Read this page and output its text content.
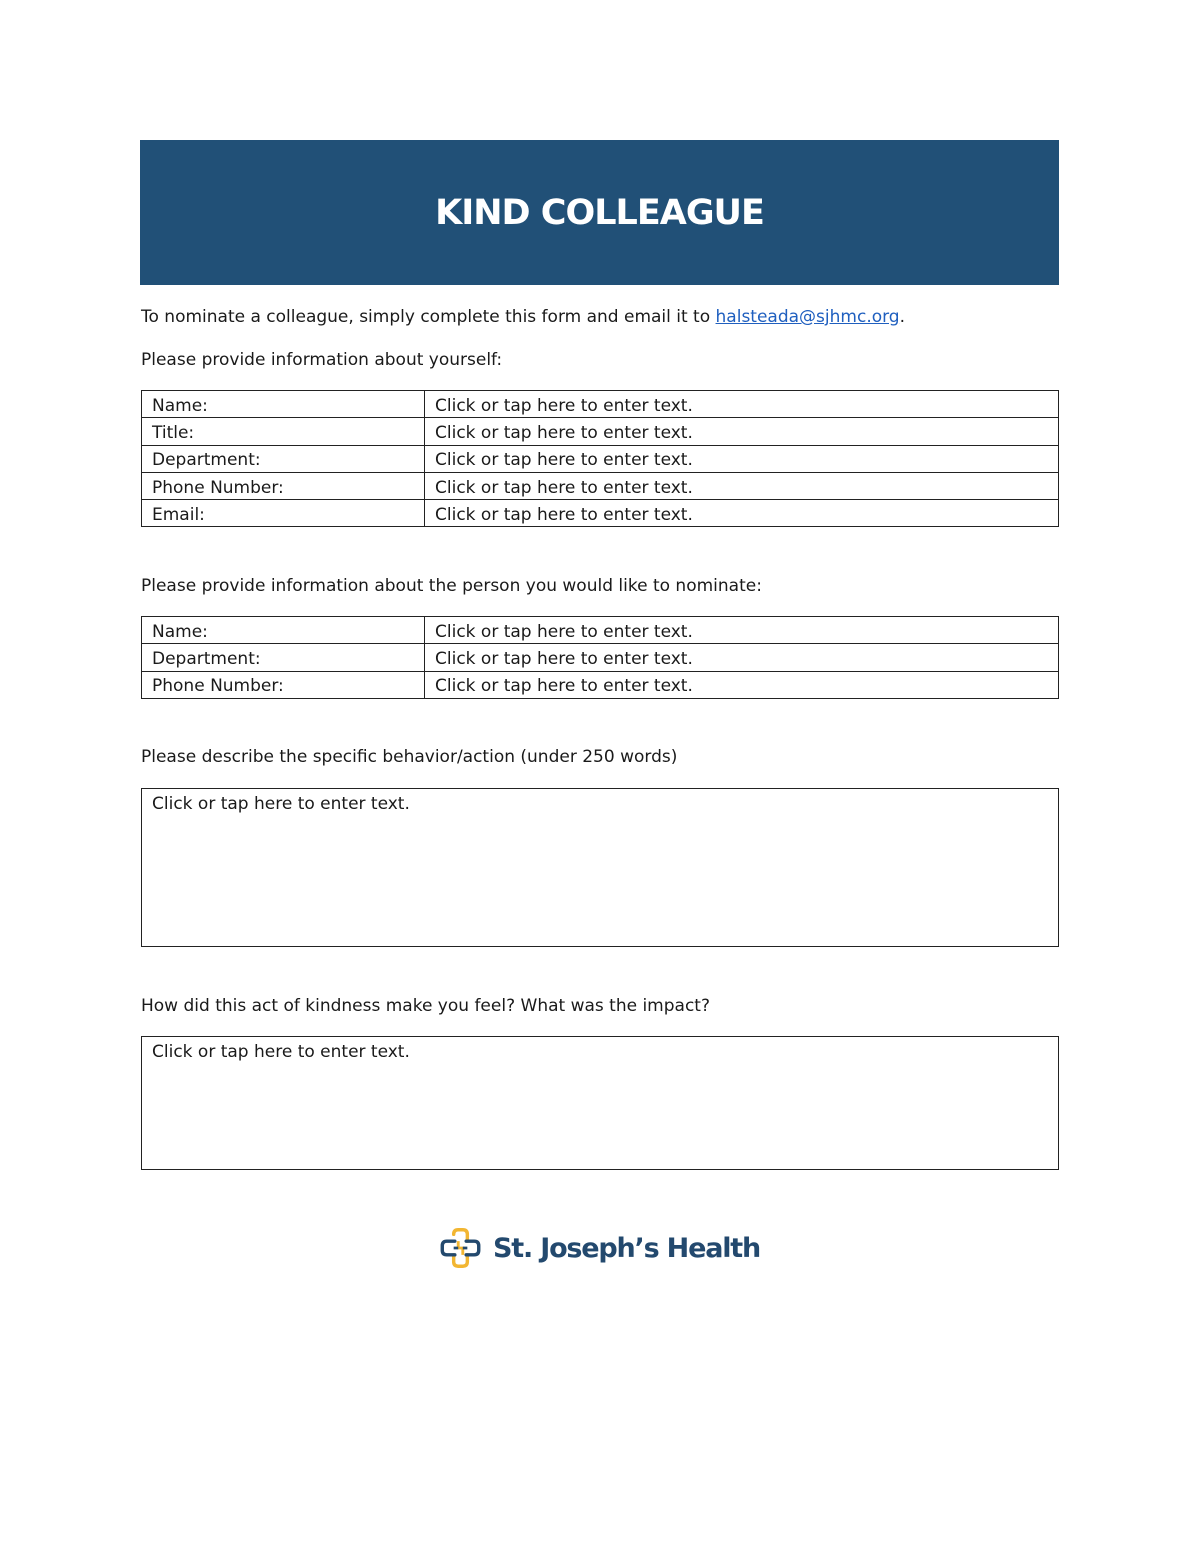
KIND COLLEAGUE
To nominate a colleague, simply complete this form and email it to halsteada@sjhmc.org.
Please provide information about yourself:
Name:	Click or tap here to enter text.
Title:	Click or tap here to enter text.
Department:	Click or tap here to enter text.
Phone Number:	Click or tap here to enter text.
Email:	Click or tap here to enter text.
Please provide information about the person you would like to nominate:
Name:	Click or tap here to enter text.
Department:	Click or tap here to enter text.
Phone Number:	Click or tap here to enter text.
Please describe the specific behavior/action (under 250 words)
Click or tap here to enter text.
How did this act of kindness make you feel? What was the impact?
Click or tap here to enter text.
St. Joseph’s Health
